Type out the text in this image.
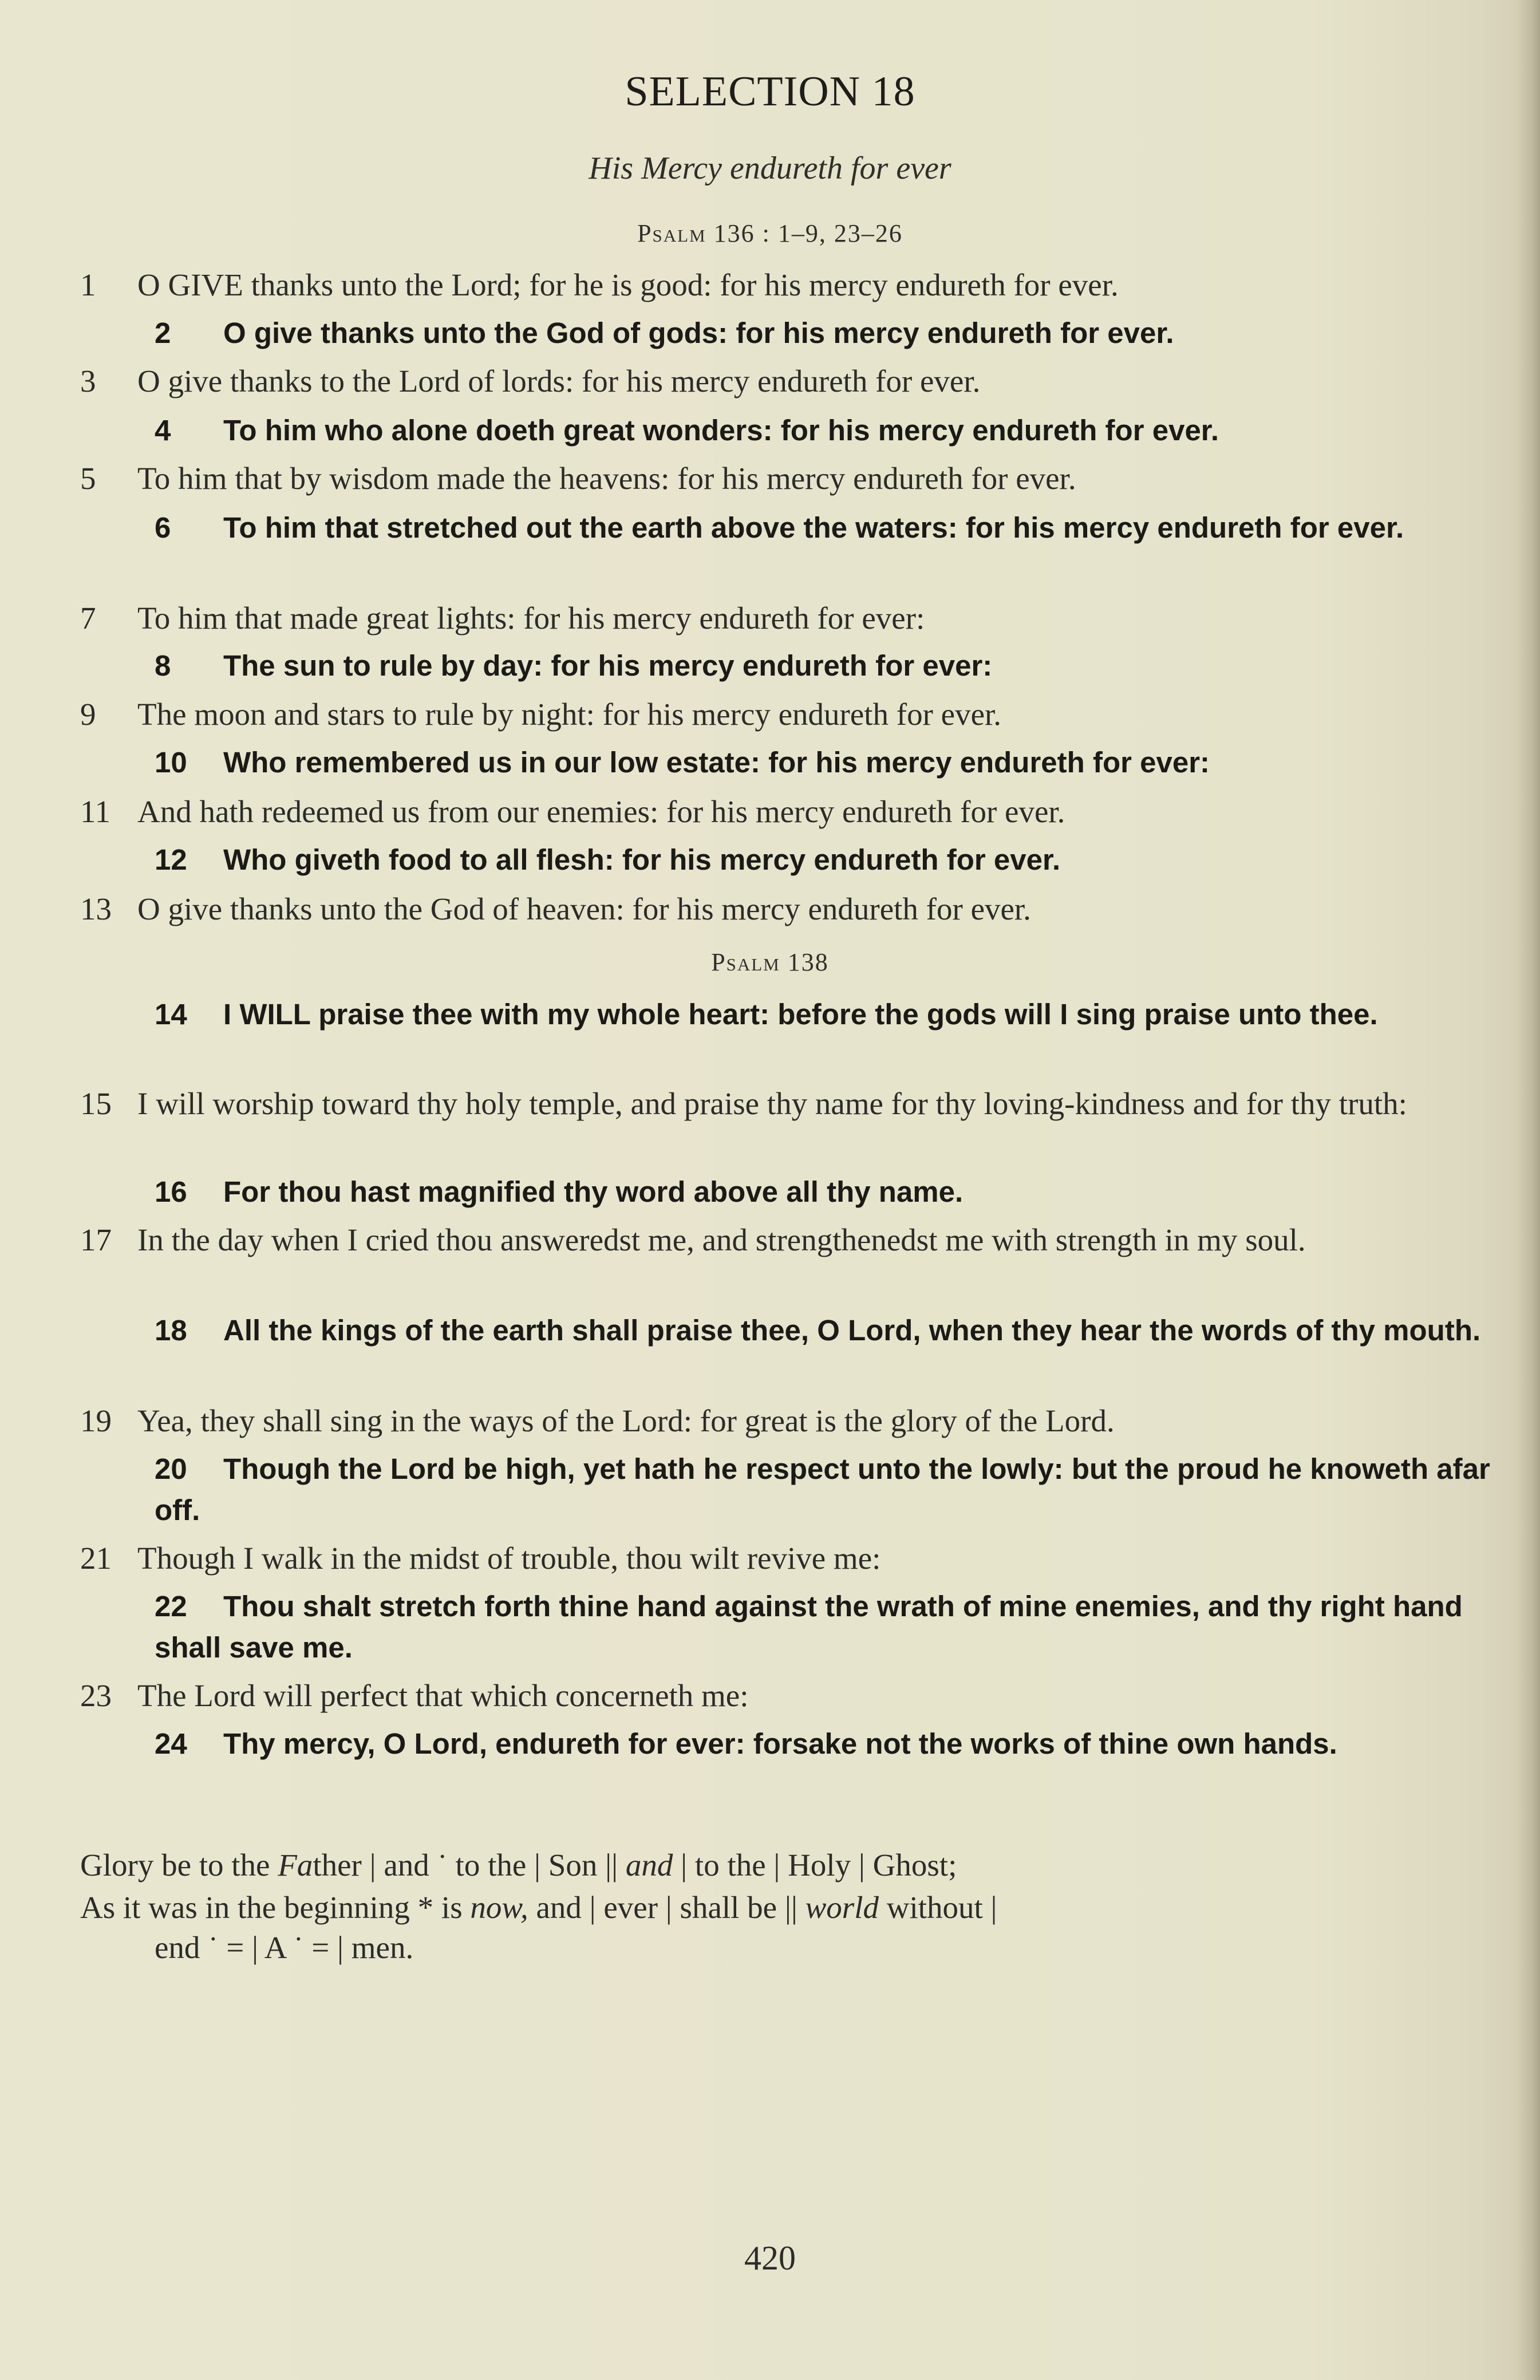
SELECTION 18
His Mercy endureth for ever
Psalm 136 : 1–9, 23–26
1 O GIVE thanks unto the Lord; for he is good: for his mercy endureth for ever.
2 O give thanks unto the God of gods: for his mercy endureth for ever.
3 O give thanks to the Lord of lords: for his mercy endureth for ever.
4 To him who alone doeth great wonders: for his mercy endureth for ever.
5 To him that by wisdom made the heavens: for his mercy endureth for ever.
6 To him that stretched out the earth above the waters: for his mercy endureth for ever.
7 To him that made great lights: for his mercy endureth for ever:
8 The sun to rule by day: for his mercy endureth for ever:
9 The moon and stars to rule by night: for his mercy endureth for ever.
10 Who remembered us in our low estate: for his mercy endureth for ever:
11 And hath redeemed us from our enemies: for his mercy endureth for ever.
12 Who giveth food to all flesh: for his mercy endureth for ever.
13 O give thanks unto the God of heaven: for his mercy endureth for ever.
Psalm 138
14 I WILL praise thee with my whole heart: before the gods will I sing praise unto thee.
15 I will worship toward thy holy temple, and praise thy name for thy loving-kindness and for thy truth:
16 For thou hast magnified thy word above all thy name.
17 In the day when I cried thou answeredst me, and strengthenedst me with strength in my soul.
18 All the kings of the earth shall praise thee, O Lord, when they hear the words of thy mouth.
19 Yea, they shall sing in the ways of the Lord: for great is the glory of the Lord.
20 Though the Lord be high, yet hath he respect unto the lowly: but the proud he knoweth afar off.
21 Though I walk in the midst of trouble, thou wilt revive me:
22 Thou shalt stretch forth thine hand against the wrath of mine enemies, and thy right hand shall save me.
23 The Lord will perfect that which concerneth me:
24 Thy mercy, O Lord, endureth for ever: forsake not the works of thine own hands.
Glory be to the Father | and ˙ to the | Son || and | to the | Holy | Ghost;
As it was in the beginning * is now, and | ever | shall be || world without |
end ˙ = | A ˙ = | men.
420
